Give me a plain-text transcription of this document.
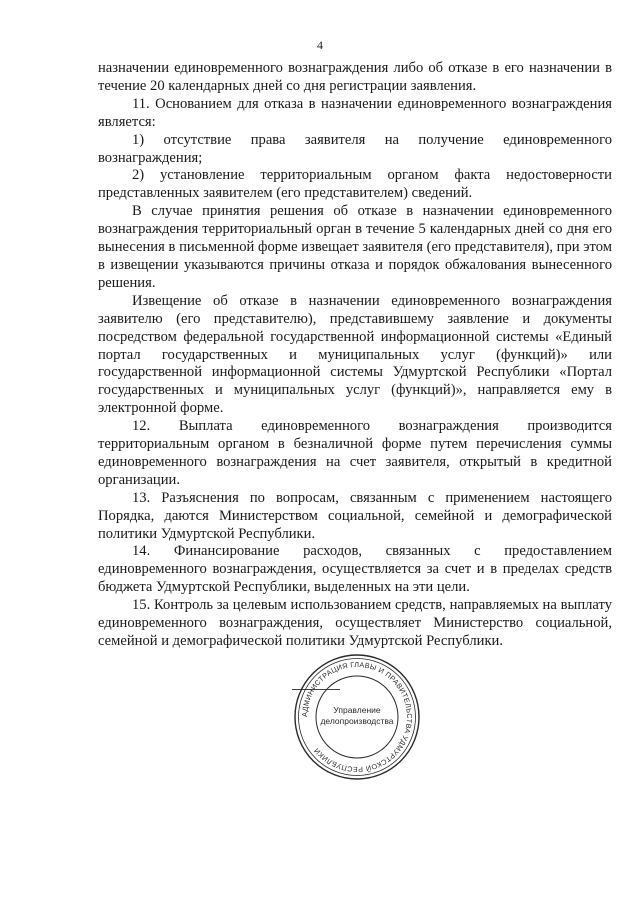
4

назначении единовременного вознаграждения либо об отказе в его назначении в течение 20 календарных дней со дня регистрации заявления.

11. Основанием для отказа в назначении единовременного вознаграждения является:

1) отсутствие права заявителя на получение единовременного вознаграждения;

2) установление территориальным органом факта недостоверности представленных заявителем (его представителем) сведений.

В случае принятия решения об отказе в назначении единовременного вознаграждения территориальный орган в течение 5 календарных дней со дня его вынесения в письменной форме извещает заявителя (его представителя), при этом в извещении указываются причины отказа и порядок обжалования вынесенного решения.

Извещение об отказе в назначении единовременного вознаграждения заявителю (его представителю), представившему заявление и документы посредством федеральной государственной информационной системы «Единый портал государственных и муниципальных услуг (функций)» или государственной информационной системы Удмуртской Республики «Портал государственных и муниципальных услуг (функций)», направляется ему в электронной форме.

12. Выплата единовременного вознаграждения производится территориальным органом в безналичной форме путем перечисления суммы единовременного вознаграждения на счет заявителя, открытый в кредитной организации.

13. Разъяснения по вопросам, связанным с применением настоящего Порядка, даются Министерством социальной, семейной и демографической политики Удмуртской Республики.

14. Финансирование расходов, связанных с предоставлением единовременного вознаграждения, осуществляется за счет и в пределах средств бюджета Удмуртской Республики, выделенных на эти цели.

15. Контроль за целевым использованием средств, направляемых на выплату единовременного вознаграждения, осуществляет Министерство социальной, семейной и демографической политики Удмуртской Республики.

АДМИНИСТРАЦИЯ ГЛАВЫ И ПРАВИТЕЛЬСТВА УДМУРТСКОЙ РЕСПУБЛИКИ
Управление
делопроизводства
